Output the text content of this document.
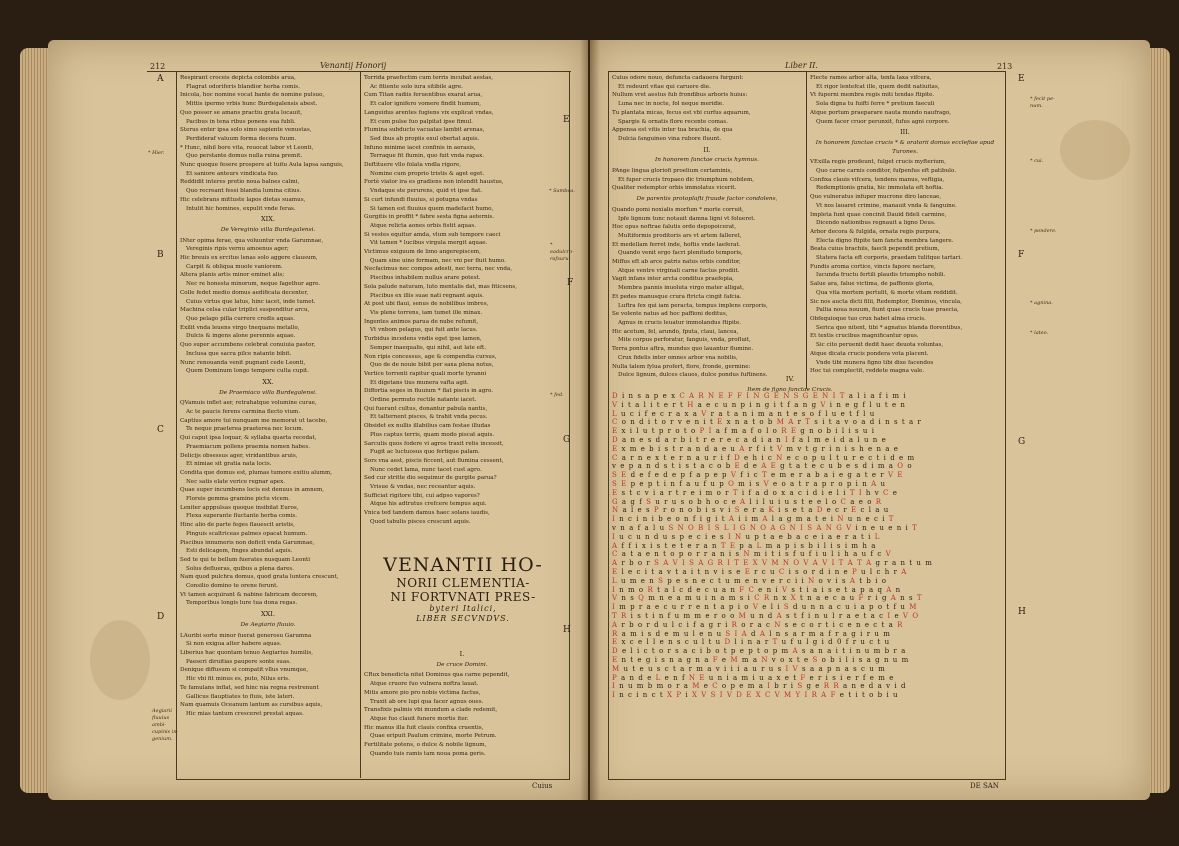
212	Venantij Honorij
A
B
C
D
* Hier.
Aegiarii fluuius ambi- cupinis in- genium.
Respirant croceis depicta colombis arua,
Flagrat odoriferis blandior herba comis.
Inicola, hoc nomine vocat bante de nomine pulsuo,
Mittis ipermo vrbis hunc Burdegalensis abest.
Quo posser se amans practiu grata locauit,
Pacibus in tena ribus ponens sua fubli.
Sterus enter ipsa solo simo sapiente venustas,
Perdideraf valuum forma decora fuum.
* Hunc, nihil bore vita, reuocat labor vt Leonti,
Quo perstante domus nulla ruina premit.
Nunc quoque fesere prospere at tuitu Aula lapsa sanguis,
Et saniore anteurs vindicata fuo.
Reddidit interes pretio noua balnes calmi,
Quo recreant fessi blandia lumina citius.
Hic celebrans mittuste lapos dietas suamus,
Intulit hic homines, expulit vnde feras.
XIX.
De Vereginio villa Burdegalensi.
INter opima ferae, qua voluuntur vnda Garumnae,
Vereginis ripis vernu amoenus ager;
Hic breuis ex ercitus lenas solo aggere clausum,
Carpit & obliqua muole vaniorem.
Altera planis artis minor eminet alis;
Nec re honesta minorum, neque fagethur agre.
Colle fedet medio domus aedificata decenter,
Cuius virtus que latus, hinc iacet, inde tumet.
Machina celsa cular triplici suspenditur arcu,
Quo pelago pilla currere credis aquas.
Exilit vnda leuens virgo tnequans metallo,
Dulcis & ingens alone perennis aquae.
Quo super accumbens celebrat conuiuia pastor,
Inclusa que sacra pilce natante bibit.
Nunc renouanda venit pugnant cede Leonti,
Quem Dominum longo tempore culta cupit.
XX.
De Praemiaco villa Burdegalensi.
QVamuis inflet aer, retrahatque volumine curae,
Ac te paucis ferens carmina flecto vium.
Captius amore tui nunquam me memorat ut tacebo,
Te neque praeterea praeterea nec locum.
Qui caput ipsa loquar, & syllaba quarta recedat,
Praemiacum pollens praemia nomen habes.
Delicijs obsessus ager, viridantibus aruis,
Et nimiae sit gratia nata locis.
Condita que domus est, plumas tumore exitiu alumm,
Nec satis elate verice regnar apex.
Quae super incumbens locis est denuus in amnem,
Floreis gemma gramine pictu vicem.
Leniter apppulsas quoque insibilat Euros,
Flexa superante fluctante herba comis.
Hinc alio de parte feges flauescit aristis,
Pinguis scaltriceas palmes opacat humum.
Piscibus innumeris non deficit vnda Garumnae,
Esti delicagem, finges abundat aquis.
Sed te qui te bellum fuerates nusquam Leonti
Solus deflueras, quibus a plena dares.
Nam quod pulchra domus, quod grata luntera crescunt,
Consilio domino te orene ferunt.
Vt tamen acquirant & nabine fabricam decorem,
Temporibus longis lure tua dona regas.
XXI.
De Aegiario fluuio.
LAuribi sorte minor fuerat generosu Garumna
Si non exigua alter habere aquas.
Liberius hac quontam tenuo Aegiarius humilis,
Paeseri diruitias paupere sonte suas.
Denique diffusum si compatit vllus vnumque,
Hic vbi fit minus es, puto, Nilus eris.
Te famulans inflat, sed hinc nia regna restrenunt
Gallicus flauptiates to fluis, iste lateri.
Nam quamuis Oceanum lantum as cursibus aquis,
Hic mias tantum cresceret prestat aquas.
Torrida praefectim cum terris incubat aestas,
Ac fitiente solo iura sitibile agre.
Cum Titan radiis feruentibus exarat arua,
Et calor ignifero vomere findit humum,
Languidus arentes fugiens vix explicat vndas,
Et cum pulse fuo palpitat ipse fimul.
Flumina subducto vacuatas lambit arenas,
Sed ibus ab propiis exul obertat aquis.
Infuno minime iacet confinis in aerasis,
Terraque fit flumin, quo fuit vnda rapax.
Deftituere vllo folata vndla rigore,
Nomine cum proprio tristis & aget eget.
Fortè viator ira es gradiens non intendit haustus,
Vndaque ste perurens, quid vt ipse fiat.
Si curt infundi fluuius, si potugna vndas
Si tamen est fluuius quem madefacit humo,
Gurgitis in proffit * fabre sesta figna aeternis.
Atque relicta aones orbis fistit aquas.
Si vestes equitur amda, vlum sub tempore caeci
Vit tamen * lucibus virgula mergit aquae.
Victimus exiguum de limo angerepiscem,
Quam sine uino formam, nec vni per fluit humo.
Necfacimus nec compos adesti, nec terra, nec vnda,
Piscibus inhabilem nullus arare potest.
Sola palude naturam, luto mentalis dat, mas fiticsens,
Piscibus ex illis suae nati regnant aquis.
At post ubi flaui, senus de nobilibus imbres,
Vis plene torrens, iam tumet ille minax.
Ingentes animos parua de nube refumit,
Vt vnbom pelagus, qui fuit ante lacus.
Turbidus incedens vndis eget ipse lamen,
Semper inaequalis, qui nihil, aut late eft.
Non ripis concessus, age & compendia cursus,
Quo de de nouie bibit per saxa plena notus,
Vertice torrenti rapitur quali morte tyranni
Et digetans tius munera vafta agit.
Diffortia seges in fluuium * flat piscis in agro.
Ordine permuto rectile natante iacet.
Qui fuerant cultus, donantur pabula nantis,
Et talternent pisces, & trahit vnda pecus.
Obsidet ex nullis illabilius cam festae illudas
Plus captus terris, quam modo piscat aquis.
Sarculis quos fodere vi agros traxit retis incessit,
Fugit ac luctuosus quo fertique palam.
Sors vna aest, piscis ficcent, aut flumina cessent,
Nunc cedet lama, nunc tacet cust agro.
Sed cur stritte dio sequimur de gurgite parua?
Vrisue & vndas, nec receantur aquis.
Sufficiat rigitore tibi, cui adpso vapores?
Atque his adtrutus crefcere tempus aqui.
Vnica ted tandem damus haec solans iaudis,
Quod tabulis pisces crescunt aquis.
VENANTII HO-
NORII CLEMENTIA-
NI FORTVNATI PRES-
byteri Italici,
LIBER SECVNDVS.
I.
De cruce Domini.
CRux benedicta nitet Dominus qua carne pependit,
Atque cruore fuo vulnera noftra lauat.
Mitis amore pio pro nobis victima factus,
Traxit ab ore lupi qua facer agnus oues.
Transfixis palmis vbi mundum a clade redemit,
Atque fuo clauit funere mortis iter.
Hic manus illa fuit clauis confixa cruentis,
Quae eripuit Paulum crimine, morte Petrum.
Fertilitate potens, o dulce & nobile lignum,
Quando tuis ramis tam noua poma geris.
Cuius
F
G
H
E
* Sambea.
* eadulcro- rafsuru.
* fed.
Liber II.	213
Cuius odore nouo, defuncta cadauera furgunt:
Et redeunt vitae qui caruere die.
Nullum vret aestus fub frondibus arboris huius:
Luna nec in nocte, fol neque meridie.
Tu plantata micas, fecus est vbi curfus aquarum,
Spargis & ornatis flore recente comas.
Appensa est vitis inter tua brachia, de qua
Dulcia fanguineo vina rubore fluunt.
II.
In honorem fanctae crucis hymnus.
PAnge lingua gloriofi proelium certaminis,
Et fuper crucis tropaeo dic triumphum nobilem,
Qualiter redemptor orbis immolatus vicerit.
De parentis protoplafti fraude factor condolens,
Quando pomi noxialis morfum * morte corruit,
Ipfe lignum tunc notauit damna ligni vt folueret.
Hoc opus noftrae falutis ordo depopoicerat,
Multiformis proditoris ars vt artem falleret,
Et medellam ferret inde, hoftis vnde laeferat.
Quando venit ergo facri plenitudo temporis,
Miffus eft ab arce patris natus orbis conditor,
Atque ventre virginali carne factus prodiit.
Vagit infans inter arcta conditus praefepia,
Membra pannis inuoluta virgo mater alligat,
Et pedes manusque crura ftricta cingit fafcia.
Luftra fex qui iam peracta, tempus implens corporis,
Se volente natus ad hoc paffioni deditus,
Agnus in crucis leuatur immolandus ftipite.
Hic acetum, fel, arundo, fputa, claui, lancea,
Mite corpus perforatur, fanguis, vnda, profluit,
Terra pontus aftra, mundus quo lauantur flumine.
Crux fidelis inter omnes arbor vna nobilis,
Nulla talem fylua profert, flore, fronde, germine:
Dulce lignum, dulces clauos, dulce pondus fuftinens.
Flecte ramos arbor alta, tenfa laxa vifcera,
Et rigor lentefcat ille, quem dedit natiuitas,
Vt fuperni membra regis miti tendas ftipite.
Sola digna tu fuifti ferre * pretium faeculi
Atque portum praeparare nauta mundo naufrago,
Quem facer cruor perunxit, fufus agni corpore.
III.
In honorem fanctae crucis * & oratorii domus ecclefiae apud Turones.
VExilla regis prodeunt, fulget crucis myfterium,
Quo carne carnis conditor, fufpenfus eft patibulo.
Confixa clauis vifcera, tendens manus, veftigia,
Redemptionis gratia, hic immolata eft hoftia.
Quo vulneratus infuper mucrone diro lanceae,
Vt nos lauaret crimine, manauit vnda & fanguine.
Impleta funt quae concinit Dauid fideli carmine,
Dicendo nationibus regnauit a ligno Deus.
Arbor decora & fulgida, ornata regis purpura,
Electa digno ftipite tam fancta membra tangere.
Beata cuius brachiis, faecli pependit pretium,
Statera facta eft corporis, praedam tulitque tartari.
Fundis aroma cortice, vincis fapore nectare,
Iucunda fructu fertili plaudis triumpho nobili.
Salue ara, falue victima, de paffionis gloria,
Qua vita mortem pertulit, & morte vitam reddidit.
Sic nos aucta dicti filii, Redemptor, Dominus, vincula,
Pallia noua nouum, fiunt quae crucis tuae praecia,
Obfequioque tuo crux habet alma crucis.
Sericа quo nitent, tibi * agnatus blanda florentibus,
Et textis crucibus magnificantur opus.
Sic cito peruenit dedit haec deuota voluntas,
Atque dicata crucis pondera vota placent.
Vnde tibi munera figno tibi dixe facendos
Hoc tui complectit, reddete magna vale.
IV.
Item de figno fanctae Crucis.
D i n s a p e x C A R N E F F I N G E N S G E N I T a l i a f i m i
V i t a l i t e r t H a e c u n p i n g i t f a n g V i n e g f l u t e n
L u c i f e c r a x a V r a t a n i m a n t e s o f l u e t f l u
C o n d i t o r v e n i t E x n a t o b M A r T s i t a v o a d i n s t a r
E x i l u t p r o t o P I a f m a f o l o R E g n o b i l i s u i
D a n e s d a r b i t r e r e c a d i a n I f a l m e i d a l u n e
E x m e b i s t r a n d a e u A r f i t V m v t g r i n i s h e n a e
C a r n e x t e r n a u r i f D e h i c N e c o p u l t u r e c t i d e m
v e p a n d s t i s t a c o b E d e A E g t a t e c u b e s d i m a O o
S E d e f e d e p f a p e p V f i c T e m e r a b a i e g a t e r V E
S E p e p t i n f a u f u p O m i s V e o a t r a p r o p i n A u
E s t c v i a r t r e i m o r T i f a d o x a c i d i e l i T I h v C e
G a g f S u r u s o b h o c e A l i l u i u s t e e l o C a e o R
N a l e s P r o n o b i s v i S e r a K i s e t a D e c r E c l a u
I n c i n i b e o n f i g i t A i i m A l a g m a t e i N u n e c i T
v n a f a l u S N O B I S L I G N O A G N I S A N G V i n e u e n i T
I u c u n d u s p e c i e s I N u p t a e b a c e i a e r a t i L
A f f i x i s t e t e r a n T E p a L m a p i s b i l i s i m h a
C a t a e n t o p o r r a n i s N m i t i s f u f i u l i h a u f c V
A r b o r S A V I S A G R I T E X V M N O V A V I T A T A g r a n t u m
E l e c i t a v t a i t n v i s e E r c u C i s o r d i n e P u l c h r A
L u m e n S p e s n e c t u m e n v e r c i i N o v i s A t b i o
I n m o R t a l c d e c u a n F C e n i V s t i a i s e t a p a q A n
V n s Q m n e a m u i n a m s i C R n x X t n a e c a u F r i g A n s T
I m p r a e c u r r e n t a p i o V e l i S d u n n a c u i a p o t f u M
T R i s t i n f u m m e r o o M u n d A s t f i n u l r a e t a c I e V O
A r b o r d u l c i f a g r i R o r a c N s e c o r t i c e n e c t a R
R a m i s d e m u l e n u S I A d A l n s a r m a f r a g i r u m
E x c e l l e n s c u l t u D l i n a r T u f u l g i d 0 f r u c t u
D e l i c t o r s a c i b o t p e p t o p m A s a n a i t i n u m b r a
E n t e g i s n a g n a F e M m a N v o x t e S o b i l i s a g n u m
M u t e u s c t a r m a v i i i a u r u s I V s a a p n a s c u m
P a n d e L e n f N E u n i a m i u a x e t F e r i s i e r f e m e
I n u m b m o r a M e C o p e m a I b r i S g e R R a n e d a v i d
I n c i n c t X P i X V S I V D E X C V M Y I R A F e t i t o b i u
E
F
G
H
* fecit pe- num.
* cui.
* pondere.
* agnina.
* lateo.
DE SAN
